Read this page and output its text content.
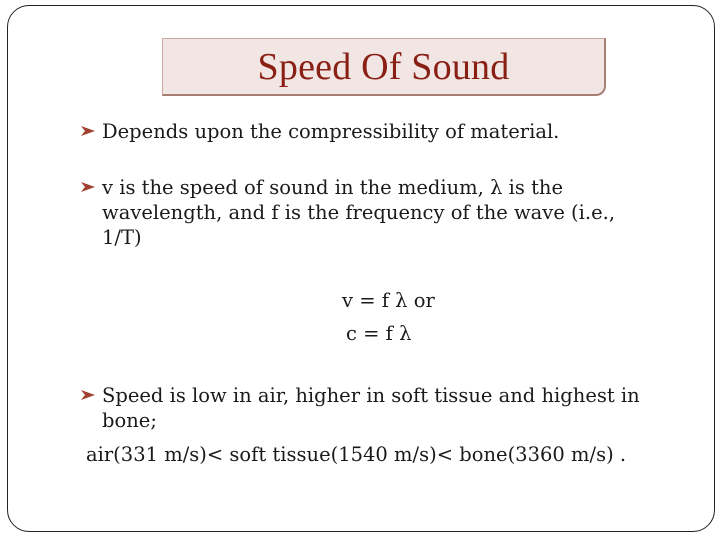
Speed Of Sound
Depends upon the compressibility of material.
v is the speed of sound in the medium, λ is the
wavelength, and f is the frequency of the wave (i.e.,
1/T)
v = f λ or
c = f λ
Speed is low in air, higher in soft tissue and highest in
bone;
air(331 m/s)< soft tissue(1540 m/s)< bone(3360 m/s) .
